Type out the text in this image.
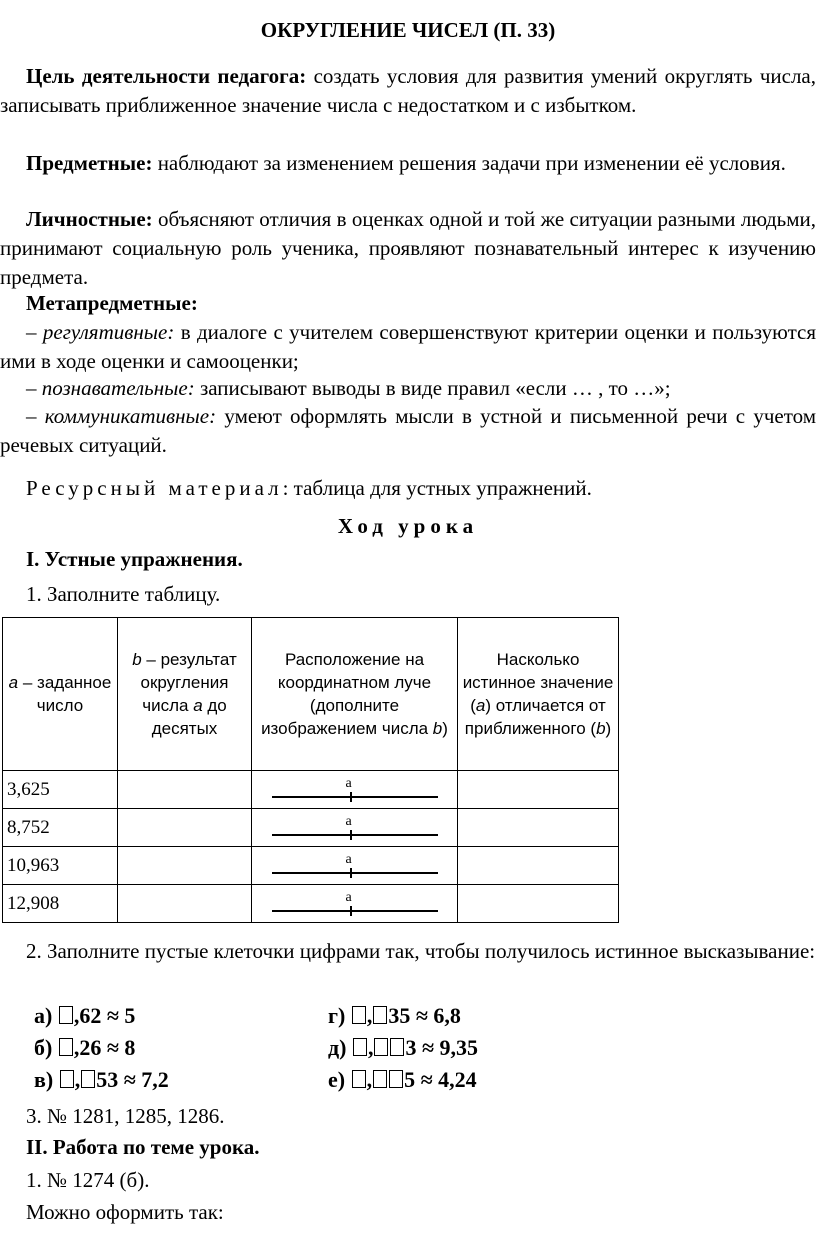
ОКРУГЛЕНИЕ ЧИСЕЛ (П. 33)
Цель деятельности педагога: создать условия для развития умений округлять числа, записывать приближенное значение числа с недостатком и с избытком.
Предметные: наблюдают за изменением решения задачи при изменении её условия.
Личностные: объясняют отличия в оценках одной и той же ситуации разными людьми, принимают социальную роль ученика, проявляют познавательный интерес к изучению предмета.
Метапредметные:
– регулятивные: в диалоге с учителем совершенствуют критерии оценки и пользуются ими в ходе оценки и самооценки;
– познавательные: записывают выводы в виде правил «если … , то …»;
– коммуникативные: умеют оформлять мысли в устной и письменной речи с учетом речевых ситуаций.
Ресурсный материал: таблица для устных упражнений.
Ход урока
I. Устные упражнения.
1. Заполните таблицу.
a – заданное число	b – результат округления числа a до десятых	Расположение на координатном луче (дополните изображением числа b)	Насколько истинное значение (a) отличается от приближенного (b)
3,625		a	

8,752		a	

10,963		a	

12,908		a	

2. Заполните пустые клеточки цифрами так, чтобы получилось истинное высказывание:
а) ,62 ≈ 5
б) ,26 ≈ 8
в) , 53 ≈ 7,2
г) , 35 ≈ 6,8
д) , 3 ≈ 9,35
е) , 5 ≈ 4,24
3. № 1281, 1285, 1286.
II. Работа по теме урока.
1. № 1274 (б).
Можно оформить так:
